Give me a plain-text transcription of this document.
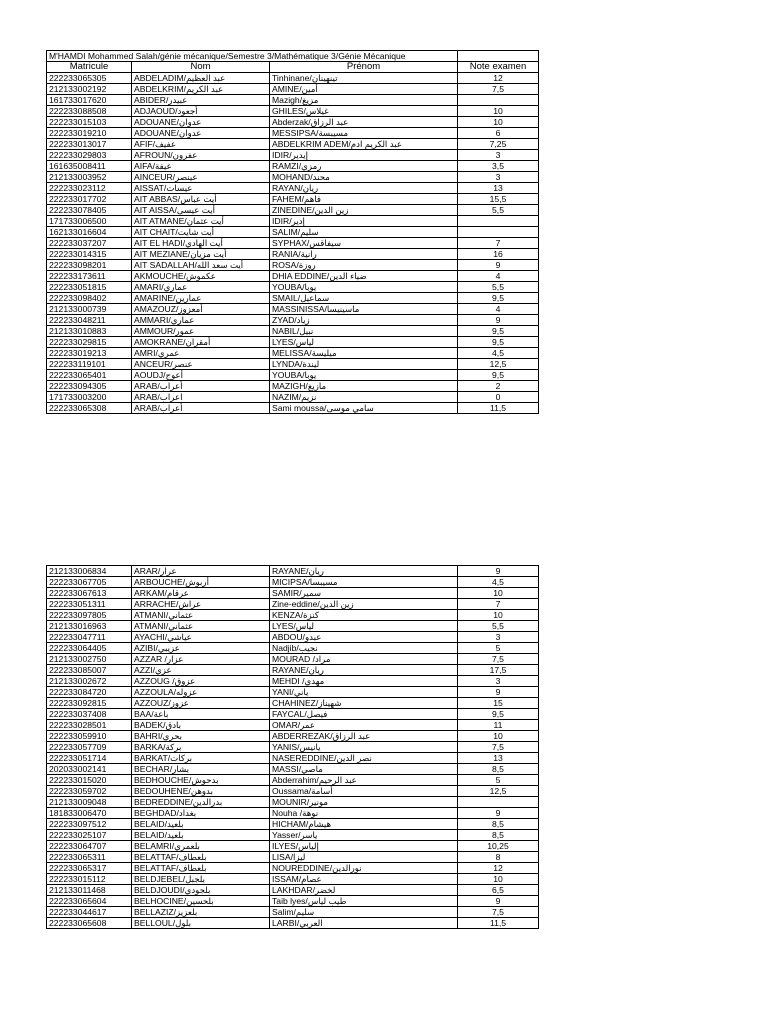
M'HAMDI Mohammed Salah/génie mécanique/Semestre 3/Mathématique 3/Génie Mécanique			
Matricule	Nom	Prénom	Note examen
222233065305	ABDELADIM/عبد العظيم	Tinhinane/تينهينان	12
212133002192	ABDELKRIM/عبد الكريم	AMINE/أمين	7,5
161733017620	ABIDER/عبيدر	Mazigh/مزيغ	
222233088508	ADJAOUD/أجعود	GHILES/غيلاس	10
222233015103	ADOUANE/عدوان	Abderzak/عبد الرزاق	10
222233019210	ADOUANE/عدوان	MESSIPSA/مسيبسة	6
222233013017	AFIF/عفيف	ABDELKRIM ADEM/عبد الكريم ادم	7,25
222233029803	AFROUN/عفرون	IDIR/إيدير	3
161635008411	AIFA/عيفة	RAMZI/رمزي	3,5
212133003952	AINCEUR/عينصر	MOHAND/محند	3
222233023112	AISSAT/عيسات	RAYAN/ريان	13
222233017702	AIT ABBAS/أيت عباس	FAHEM/فاهم	15,5
222233078405	AIT AISSA/أيت عيسى	ZINEDINE/زين الدين	5,5
171733006500	AIT ATMANE/أيت عثمان	IDIR/إدير	
162133016604	AIT CHAIT/أيت شايت	SALIM/سليم	
222233037207	AIT EL HADI/أيت الهادي	SYPHAX/سيفاقس	7
222233014315	AIT MEZIANE/أيت مزيان	RANIA/رانية	16
222233098201	AIT SADALLAH/أيت سعد الله	ROSA/روزة	9
222233173611	AKMOUCHE/عكموش	DHIA EDDINE/ضياء الدين	4
222233051815	AMARI/عماري	YOUBA/يوبا	5,5
222233098402	AMARINE/عمارين	SMAIL/سماعيل	9,5
212133000739	AMAZOUZ/أمعزوز	MASSINISSA/ماسينيسا	4
222233048211	AMMARI/عماري	ZYAD/زياد	9
212133010883	AMMOUR/عمور	NABIL/نبيل	9,5
222233029815	AMOKRANE/أمقران	LYES/لياس	9,5
222233019213	AMRI/عمري	MELISSA/ميليسة	4,5
222233119101	ANCEUR/عنصر	LYNDA/ليندة	12,5
222233065401	AOUDJ/أعوج	YOUBA/يوبا	9,5
222233094305	ARAB/أعراب	MAZIGH/مازيغ	2
171733003200	ARAB/اعراب	NAZIM/نزيم	0
222233065308	ARAB/أعراب	Sami moussa/سامي موسى	11,5
212133006834	ARAR/عرار	RAYANE/ريان	9
222233067705	ARBOUCHE/أربوش	MICIPSA/مسيبسا	4,5
222233067613	ARKAM/عرقام	SAMIR/سمير	10
222233051311	ARRACHE/عراش	Zine-eddine/زين الدين	7
222233097805	ATMANI/عثماني	KENZA/كنزة	10
212133016963	ATMANI/عثماني	LYES/لياس	5,5
222233047711	AYACHI/عياشي	ABDOU/عبدو	3
222233064405	AZIBI/عزيبي	Nadjib/نجيب	5
212133002750	AZZAR /عزار	MOURAD /مراد	7,5
222233085007	AZZI/عزي	RAYANE/ريان	17,5
212133002672	AZZOUG /عزوق	MEHDI /مهدي	3
222233084720	AZZOULA/عزوله	YANI/ياني	9
222233092815	AZZOUZ/عزوز	CHAHINEZ/شهيناز	15
222233037408	BAA/باعة	FAYCAL/فيصل	9,5
222233028501	BADEK/بادق	OMAR/عمر	11
222233059910	BAHRI/بحري	ABDERREZAK/عبد الرزاق	10
222233057709	BARKA/بركة	YANIS/يانيس	7,5
222233051714	BARKAT/بركات	NASEREDDINE/نصر الدين	13
202033002141	BECHAR/بشار	MASSI/ماصي	8,5
222233015020	BEDHOUCHE/بدحوش	Abderrahim/عبد الرحيم	5
222233059702	BEDOUHENE/بدوهن	Oussama/أسامة	12,5
212133009048	BEDREDDINE/بدرالدين	MOUNIR/مونير	
181833006470	BEGHDAD/بغداد	Nouha /نوهة	9
222233097512	BELAID/بلعيد	HICHAM/هيشام	8,5
222233025107	BELAID/بلعيد	Yasser/ياسر	8,5
222233064707	BELAMRI/بلعمري	ILYES/إلياس	10,25
222233065311	BELATTAF/بلعطاف	LISA/ليزا	8
222233065317	BELATTAF/بلعطاف	NOUREDDINE/نورالدين	12
222233015112	BELDJEBEL/بلجبل	ISSAM/عصام	10
212133011468	BELDJOUDI/بلجودي	LAKHDAR/لخضر	6,5
222233065604	BELHOCINE/بلحسين	Taib lyes/طيب لياس	9
222233044617	BELLAZIZ/بلعزيز	Salim/سليم	7,5
222233065608	BELLOUL/بلول	LARBI/العربي	11,5
